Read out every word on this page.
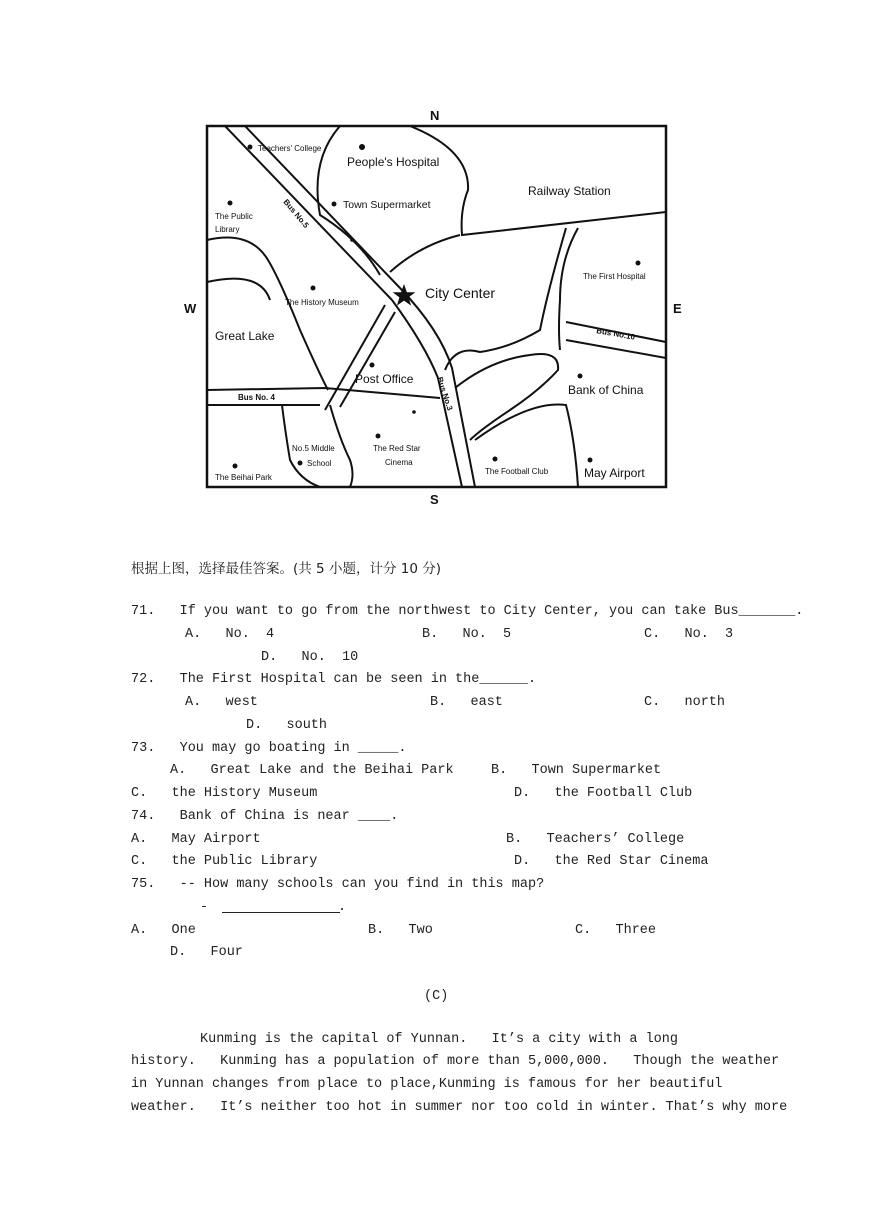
N
S
E
W
Teachers' College
People's Hospital
Town Supermarket
Railway Station
The Public
Library
The First Hospital
The History Museum
City Center
Great Lake
Post Office
Bank of China
No.5 Middle
School
The Red Star
Cinema
The Beihai Park
The Football Club	May Airport
Bus No.5
Bus No. 4	Bus No.3
Bus No.10
根据上图，选择最佳答案。(共 5 小题，计分 10 分)
71.   If you want to go from the northwest to City Center, you can take Bus_______.
A.   No.  4	B.   No.  5	C.   No.  3
D.   No.  10
72.   The First Hospital can be seen in the______.
A.   west	B.   east	C.   north
D.   south
73.   You may go boating in _____.
A.   Great Lake and the Beihai Park	B.   Town Supermarket
C.   the History Museum	D.   the Football Club
74.   Bank of China is near ____.
A.   May Airport	B.   Teachers’ College
C.   the Public Library	D.   the Red Star Cinema
75.   -- How many schools can you find in this map?
-	.
A.   One	B.   Two	C.   Three
D.   Four
(C)
Kunming is the capital of Yunnan.   It’s a city with a long
history.   Kunming has a population of more than 5,000,000.   Though the weather
in Yunnan changes from place to place,Kunming is famous for her beautiful
weather.   It’s neither too hot in summer nor too cold in winter. That’s why more
